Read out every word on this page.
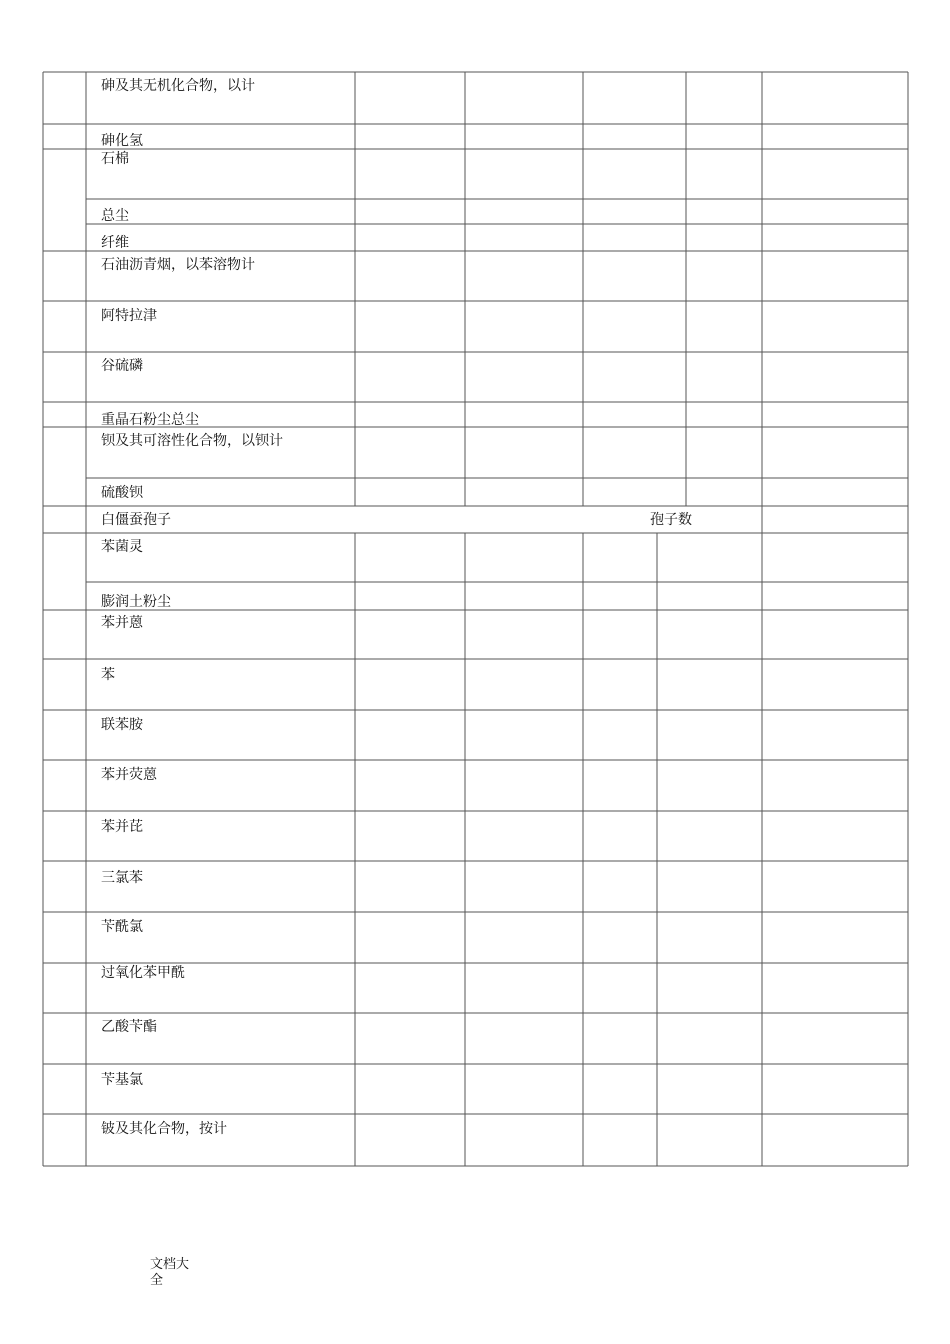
砷及其无机化合物，以计
砷化氢
石棉
总尘
纤维
石油沥青烟，以苯溶物计
阿特拉津
谷硫磷
重晶石粉尘总尘
钡及其可溶性化合物，以钡计
硫酸钡
白僵蚕孢子	孢子数
苯菌灵
膨润土粉尘
苯并蒽
苯
联苯胺
苯并荧蒽
苯并芘
三氯苯
苄酰氯
过氧化苯甲酰
乙酸苄酯
苄基氯
铍及其化合物，按计
文档大
全
